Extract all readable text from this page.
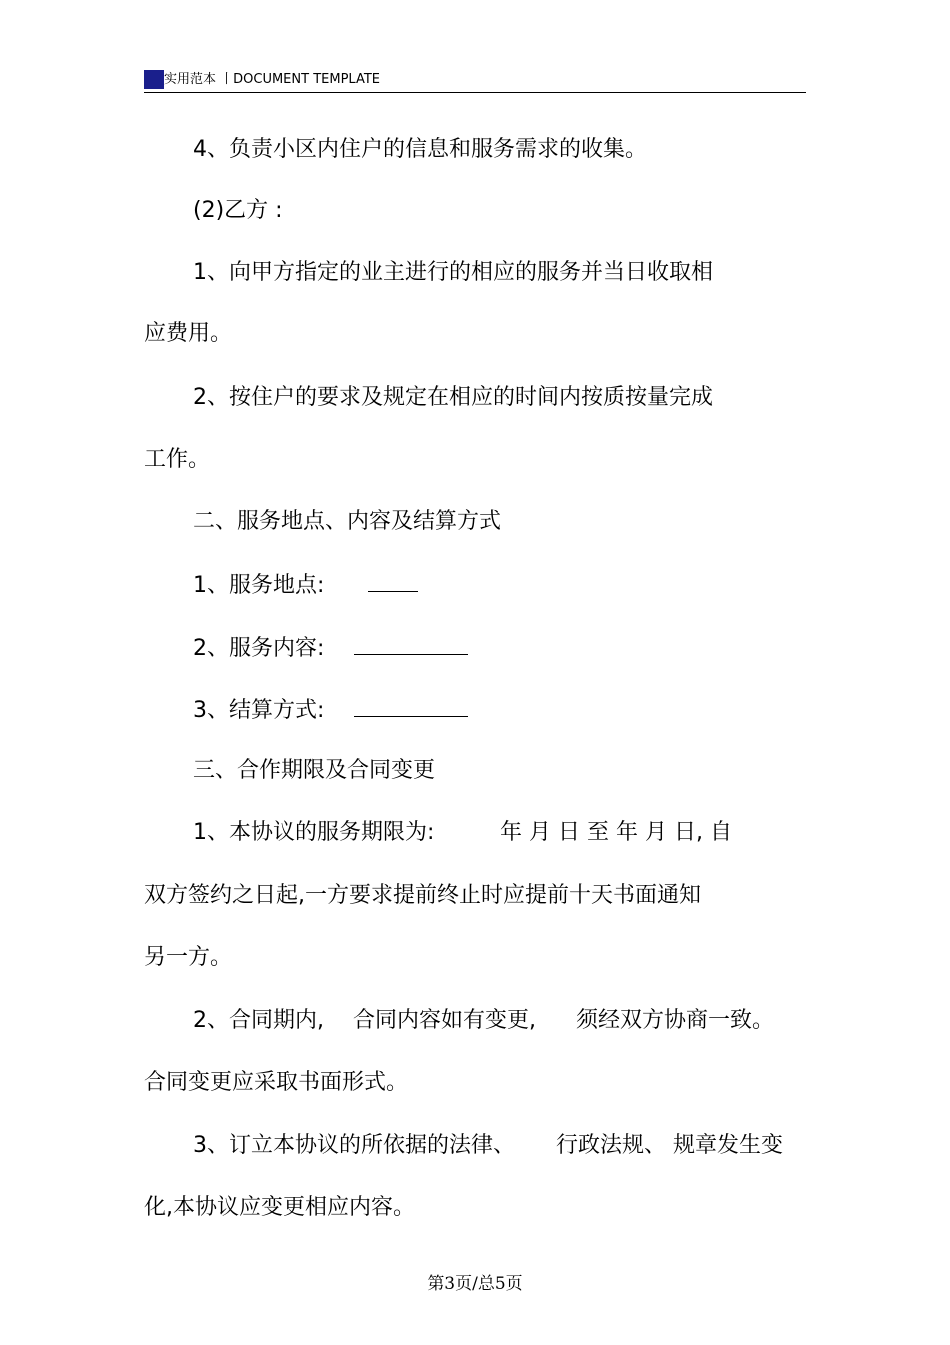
实用范本 丨DOCUMENT TEMPLATE
4、负责小区内住户的信息和服务需求的收集。
(2)乙方 :
1、向甲方指定的业主进行的相应的服务并当日收取相
应费用。
2、按住户的要求及规定在相应的时间内按质按量完成
工作。
二、服务地点、内容及结算方式
1、服务地点:
2、服务内容:
3、结算方式:
三、合作期限及合同变更
1、本协议的服务期限为:	年 月 日 至 年 月 日, 自
双方签约之日起,一方要求提前终止时应提前十天书面通知
另一方。
2、合同期内, 合同内容如有变更, 须经双方协商一致。
合同变更应采取书面形式。
3、订立本协议的所依据的法律、 行政法规、 规章发生变
化,本协议应变更相应内容。
第3页/总5页
